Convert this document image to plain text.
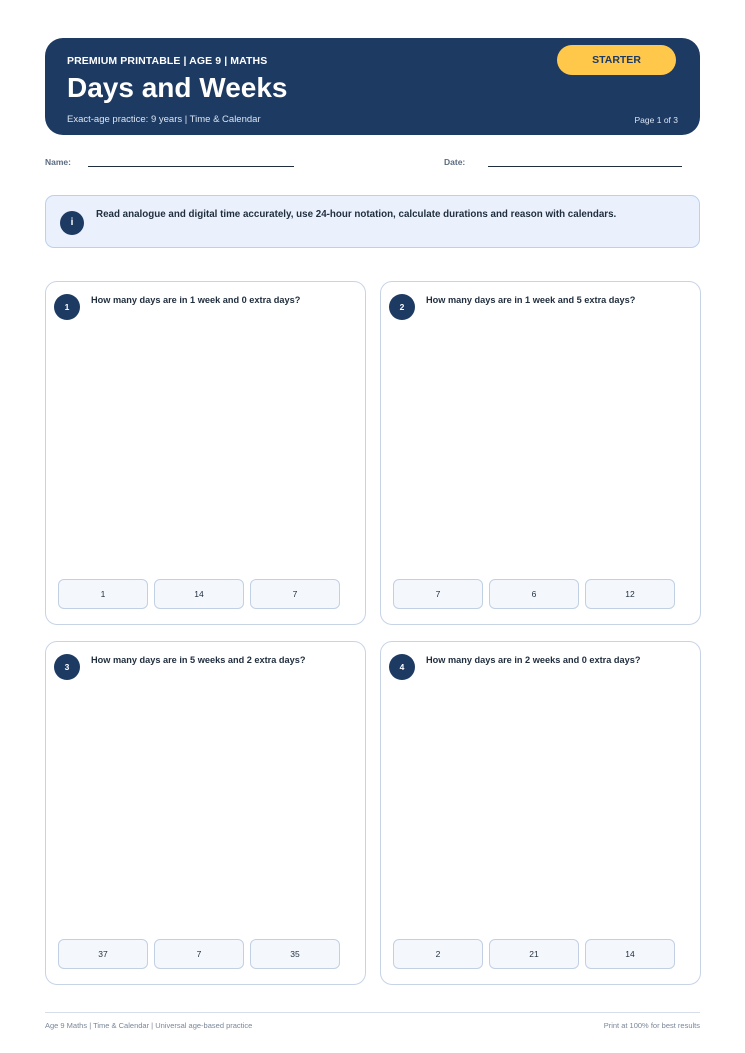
PREMIUM PRINTABLE | AGE 9 | MATHS
Days and Weeks
Exact-age practice: 9 years | Time & Calendar
STARTER
Page 1 of 3
Name:	Date:
i
Read analogue and digital time accurately, use 24-hour notation, calculate durations and reason with calendars.
1
How many days are in 1 week and 0 extra days?
1	14	7
2
How many days are in 1 week and 5 extra days?
7	6	12
3
How many days are in 5 weeks and 2 extra days?
37	7	35
4
How many days are in 2 weeks and 0 extra days?
2	21	14
Age 9 Maths | Time & Calendar | Universal age-based practice	Print at 100% for best results
